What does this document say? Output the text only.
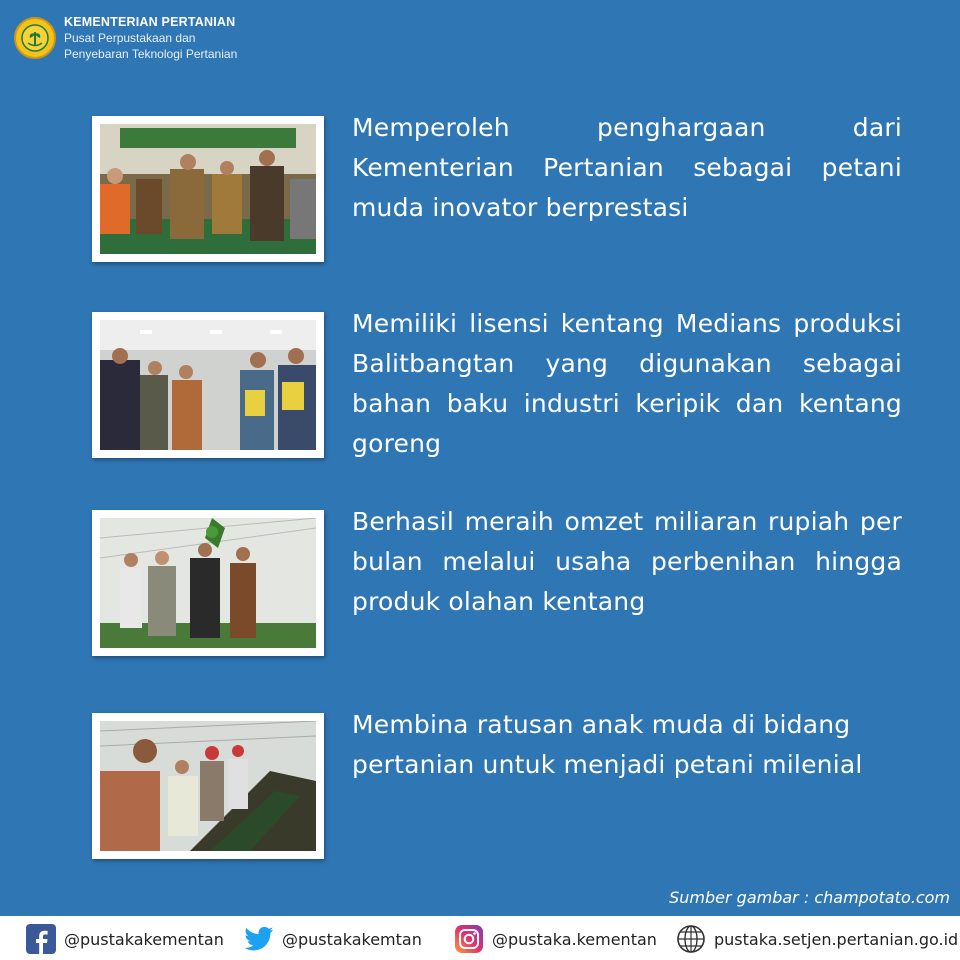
KEMENTERIAN PERTANIAN
Pusat Perpustakaan dan
Penyebaran Teknologi Pertanian
Memperoleh penghargaan dari Kementerian Pertanian sebagai petani muda inovator berprestasi
Memiliki lisensi kentang Medians produksi Balitbangtan yang digunakan sebagai bahan baku industri keripik dan kentang goreng
Berhasil meraih omzet miliaran rupiah per bulan melalui usaha perbenihan hingga produk olahan kentang
Membina ratusan anak muda di bidang pertanian untuk menjadi petani milenial
Sumber gambar : champotato.com
@pustakakementan	@pustakakemtan	@pustaka.kementan	pustaka.setjen.pertanian.go.id
